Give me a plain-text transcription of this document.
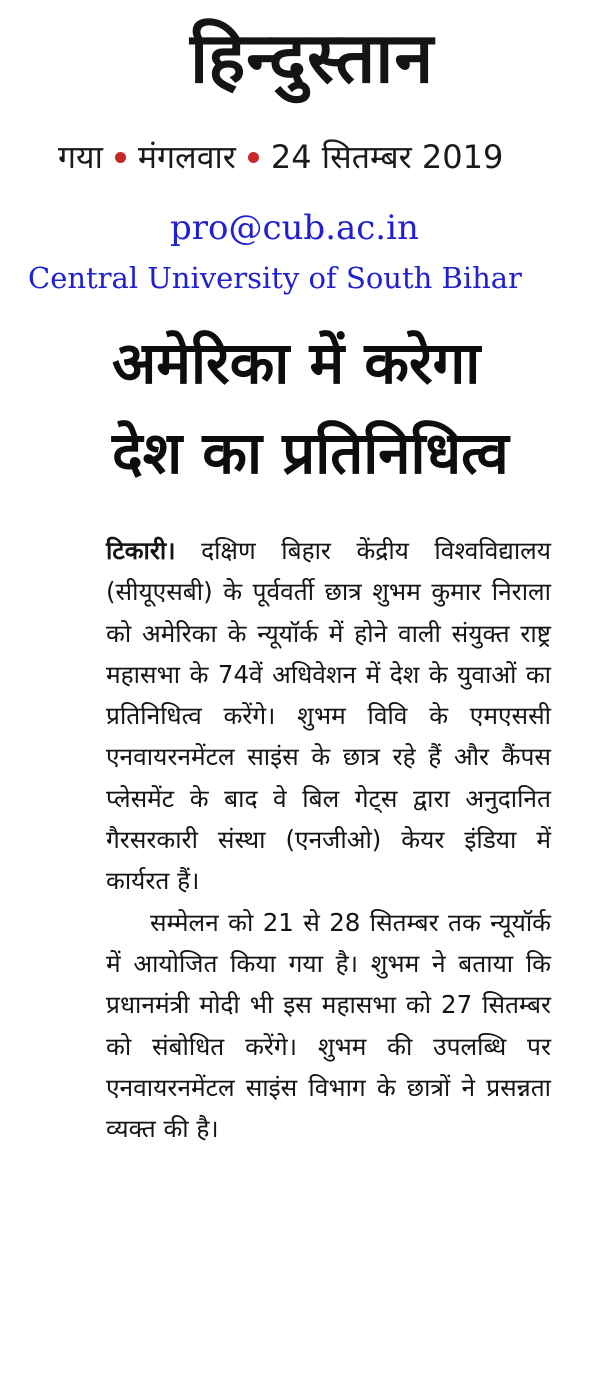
हिन्दुस्तान
गया मंगलवार 24 सितम्बर 2019
pro@cub.ac.in
Central University of South Bihar
अमेरिका में करेगा
देश का प्रतिनिधित्व

टिकारी। दक्षिण बिहार केंद्रीय विश्वविद्यालय (सीयूएसबी) के पूर्ववर्ती छात्र शुभम कुमार निराला को अमेरिका के न्यूयॉर्क में होने वाली संयुक्त राष्ट्र महासभा के 74वें अधिवेशन में देश के युवाओं का प्रतिनिधित्व करेंगे। शुभम विवि के एमएससी एनवायरनमेंटल साइंस के छात्र रहे हैं और कैंपस प्लेसमेंट के बाद वे बिल गेट्स द्वारा अनुदानित गैरसरकारी संस्था (एनजीओ) केयर इंडिया में कार्यरत हैं।

सम्मेलन को 21 से 28 सितम्बर तक न्यूयॉर्क में आयोजित किया गया है। शुभम ने बताया कि प्रधानमंत्री मोदी भी इस महासभा को 27 सितम्बर को संबोधित करेंगे। शुभम की उपलब्धि पर एनवायरनमेंटल साइंस विभाग के छात्रों ने प्रसन्नता व्यक्त की है।
